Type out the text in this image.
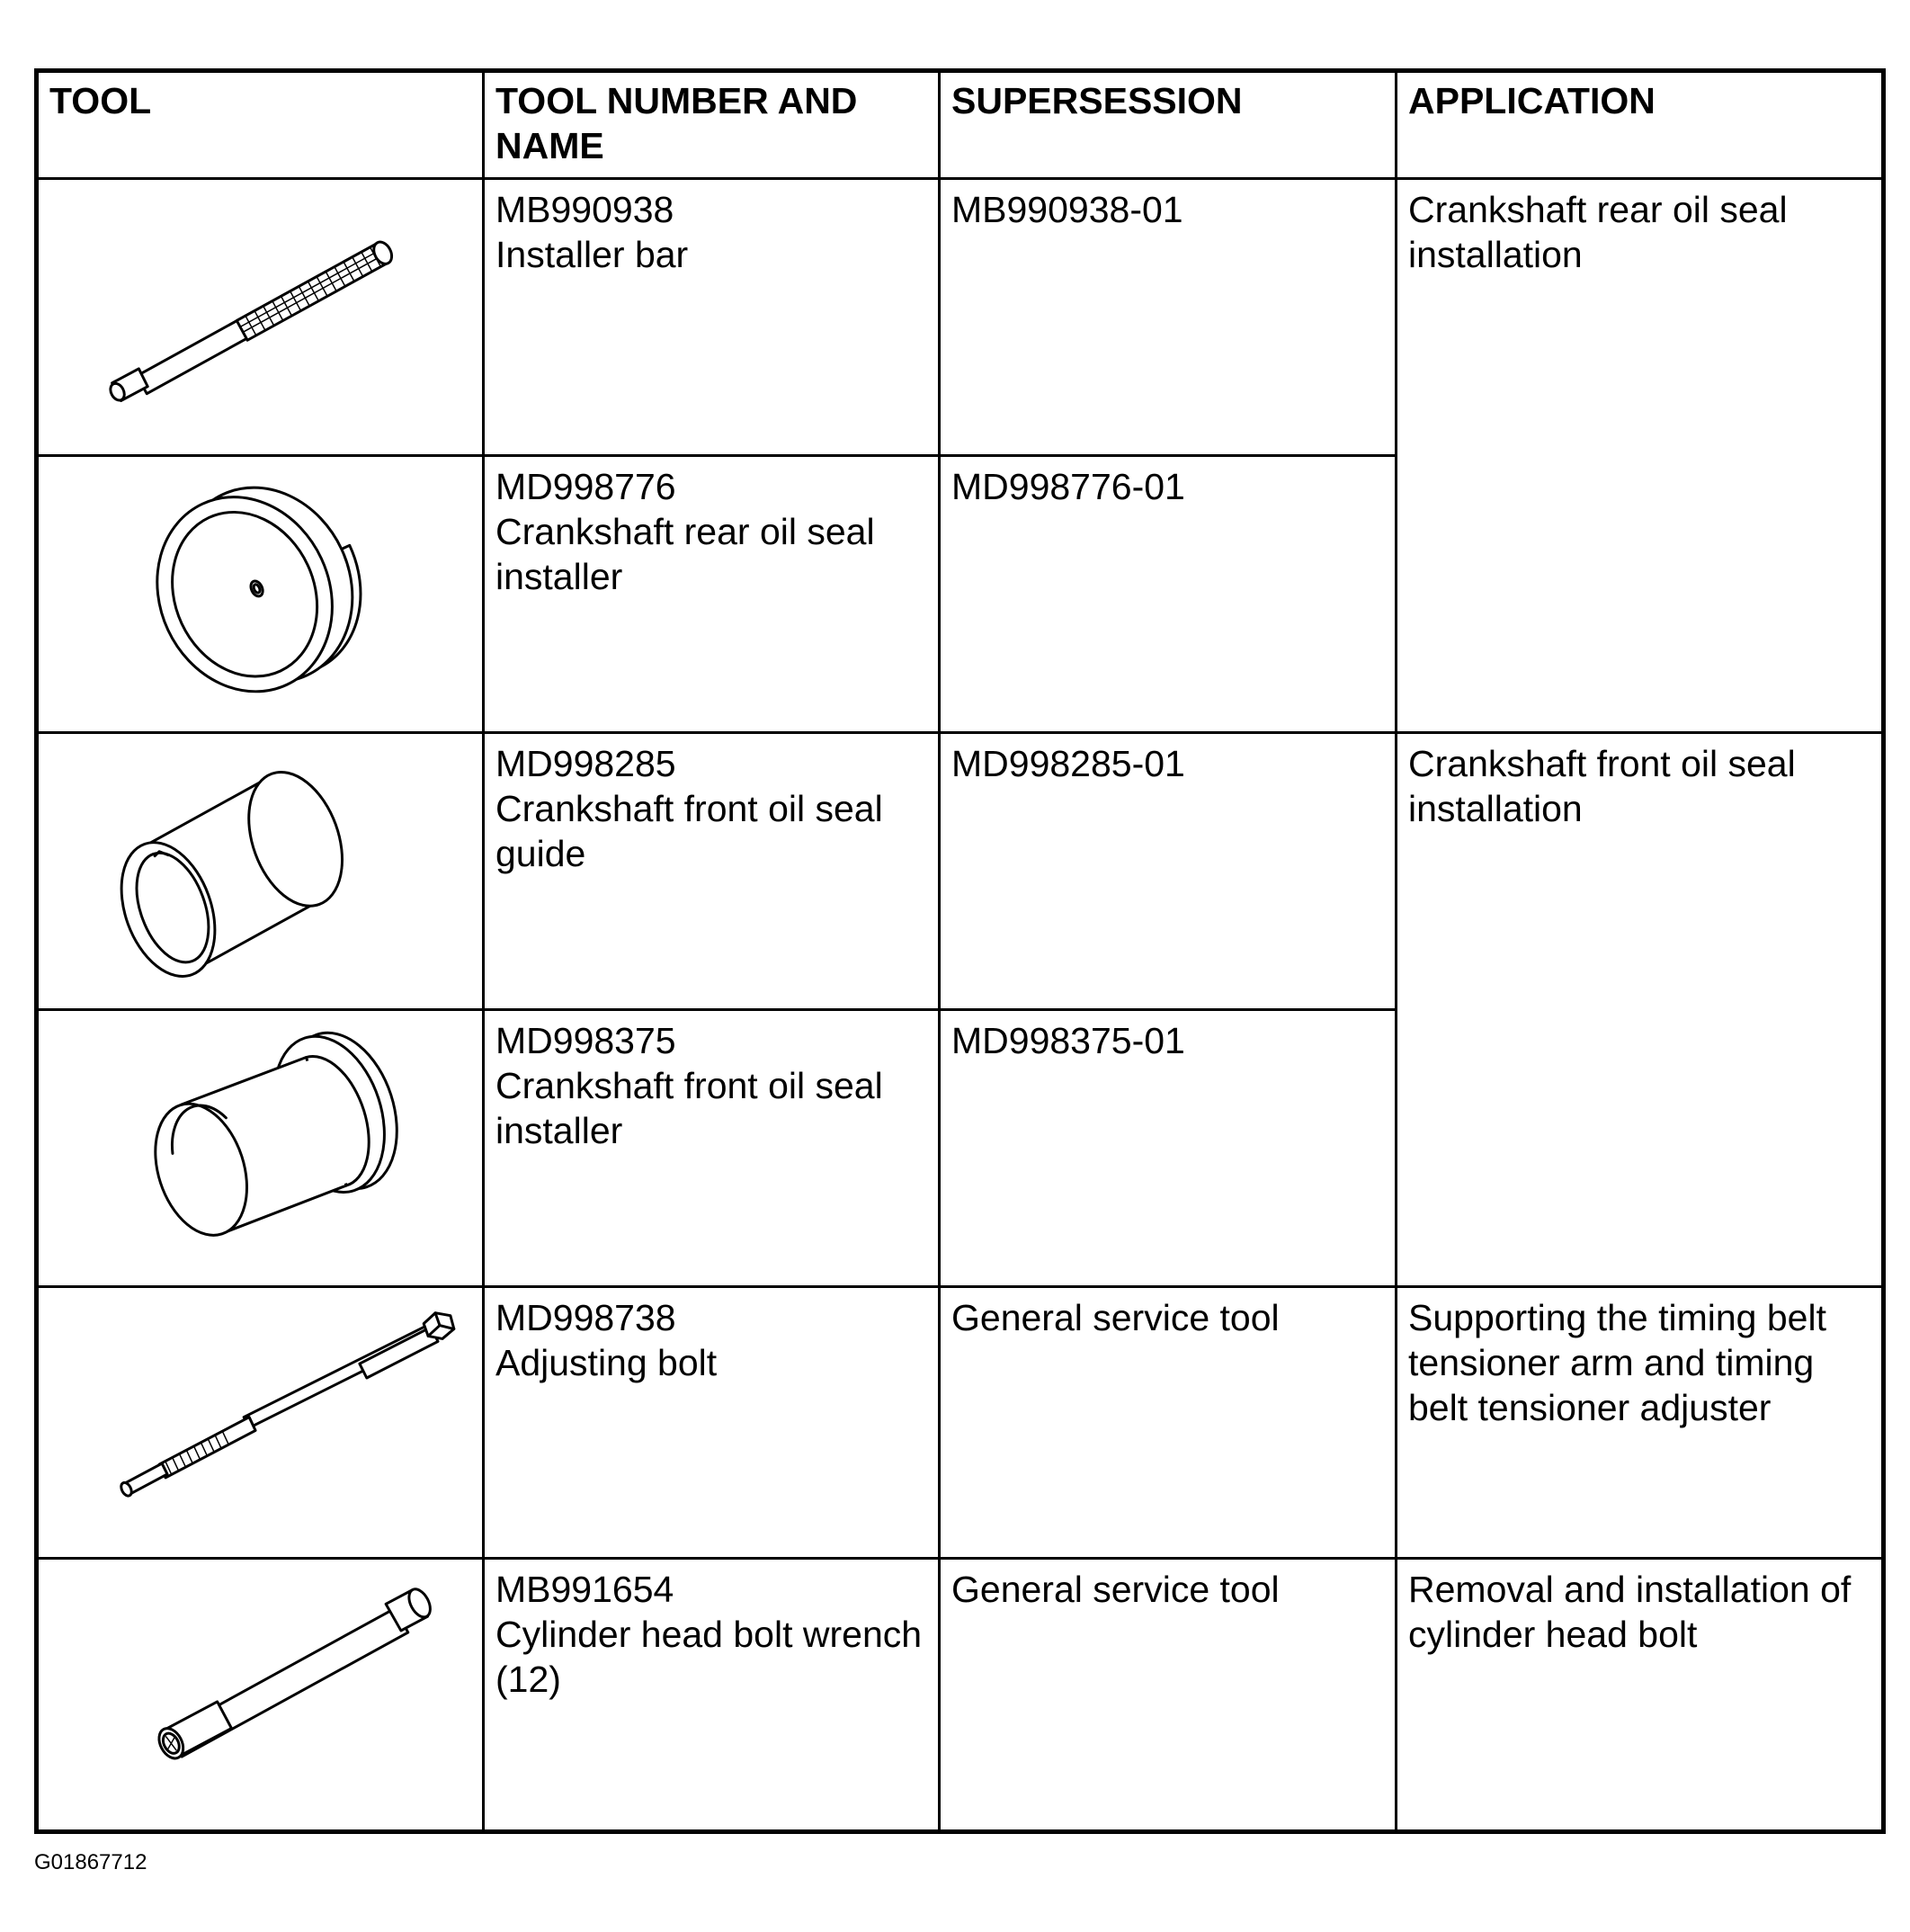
TOOL	TOOL NUMBER AND NAME	SUPERSESSION	APPLICATION

MB990938
Installer bar	MB990938-01	Crankshaft rear oil seal installation

MD998776
Crankshaft rear oil seal installer	MD998776-01	

MD998285
Crankshaft front oil seal guide	MD998285-01	Crankshaft front oil seal installation

MD998375
Crankshaft front oil seal installer	MD998375-01	

MD998738
Adjusting bolt	General service tool	Supporting the timing belt tensioner arm and timing belt tensioner adjuster

MB991654
Cylinder head bolt wrench (12)	General service tool	Removal and installation of cylinder head bolt
G01867712
